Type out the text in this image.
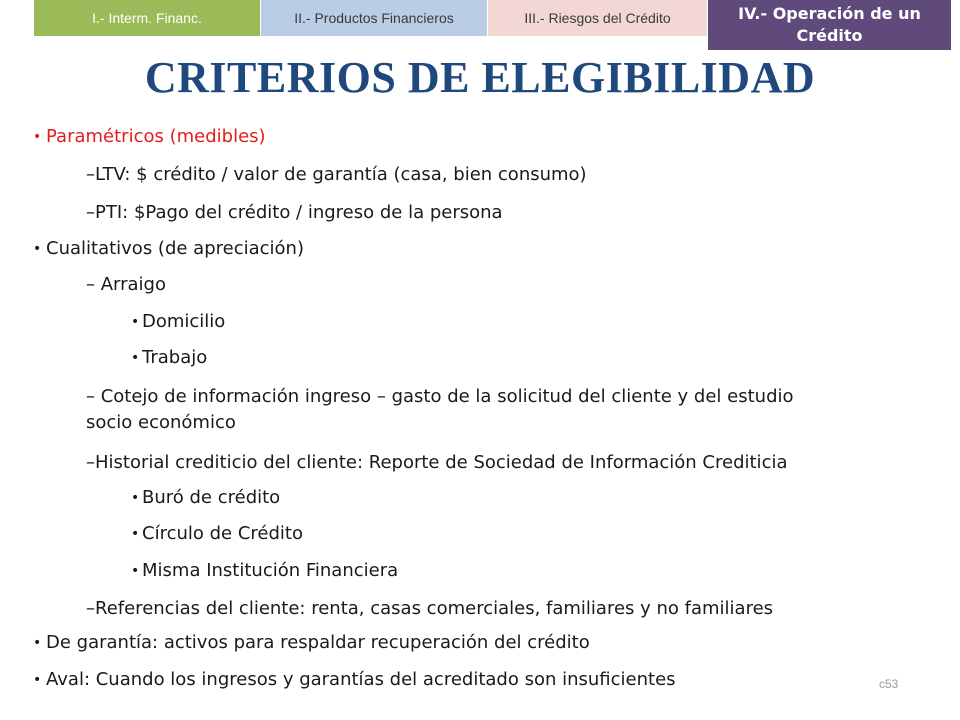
I.- Interm. Financ.	II.- Productos Financieros	III.- Riesgos del Crédito	IV.- Operación de un Crédito
CRITERIOS DE ELEGIBILIDAD
• Paramétricos (medibles)
–LTV: $ crédito / valor de garantía (casa, bien consumo)
–PTI: $Pago del crédito / ingreso de la persona
• Cualitativos (de apreciación)
– Arraigo
• Domicilio
• Trabajo
– Cotejo de información ingreso – gasto de la solicitud del cliente y del estudio
socio económico
–Historial crediticio del cliente: Reporte de Sociedad de Información Crediticia
• Buró de crédito
• Círculo de Crédito
• Misma Institución Financiera
–Referencias del cliente: renta, casas comerciales, familiares y no familiares
• De garantía: activos para respaldar recuperación del crédito
• Aval: Cuando los ingresos y garantías del acreditado son insuficientes	c53
